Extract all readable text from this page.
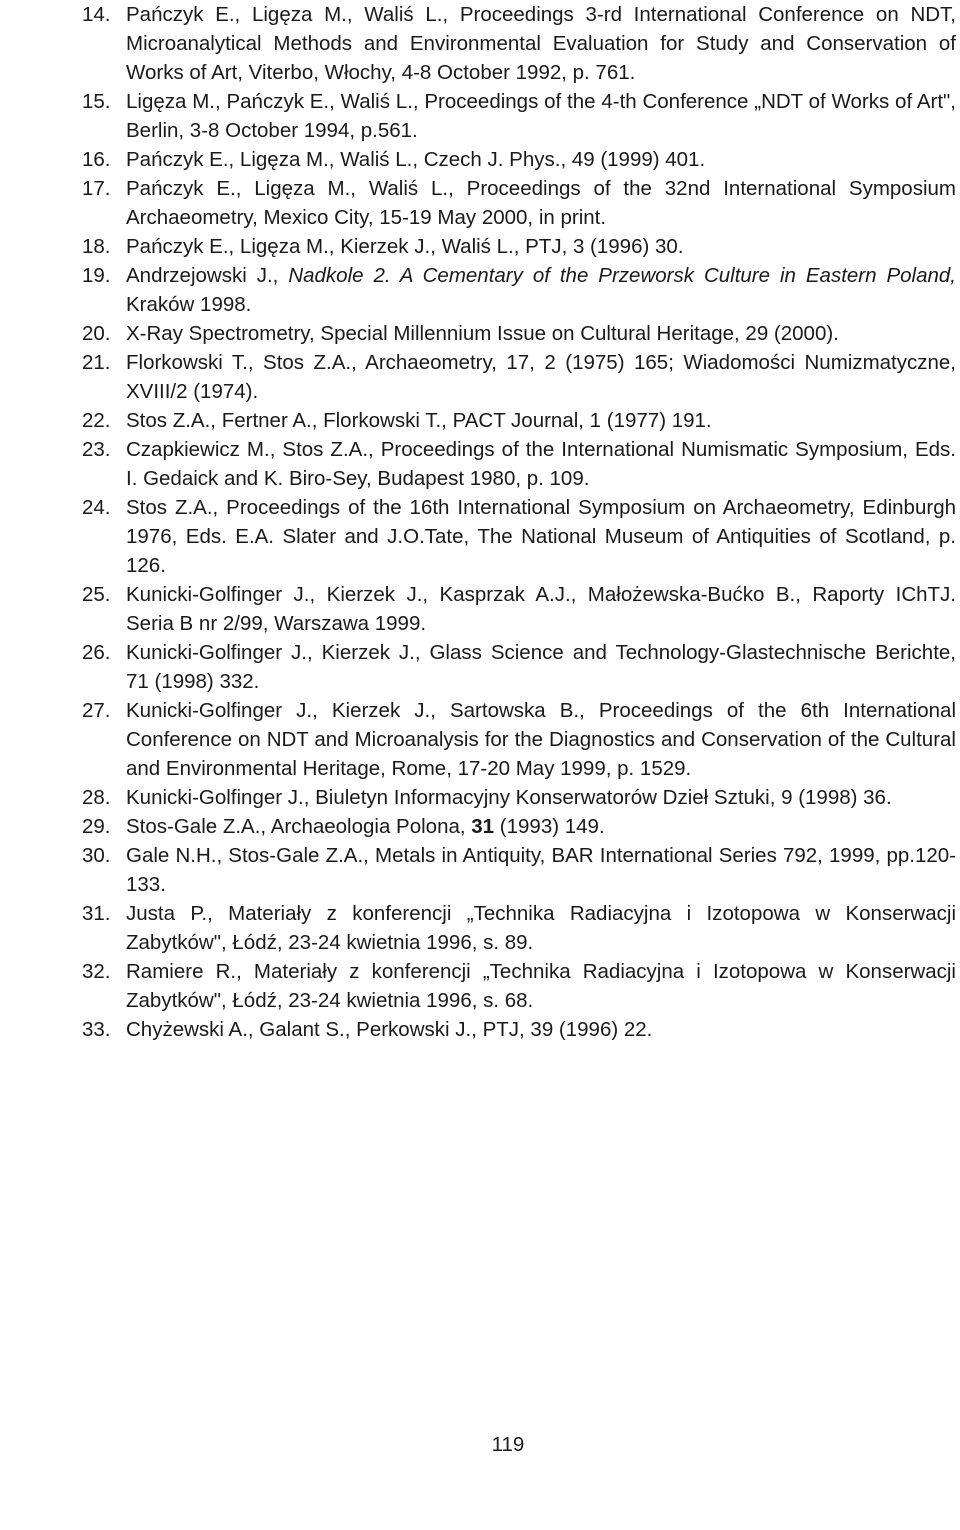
14. Pańczyk E., Ligęza M., Waliś L., Proceedings 3-rd International Conference on NDT, Microanalytical Methods and Environmental Evaluation for Study and Conservation of Works of Art, Viterbo, Włochy, 4-8 October 1992, p. 761.
15. Ligęza M., Pańczyk E., Waliś L., Proceedings of the 4-th Conference „NDT of Works of Art", Berlin, 3-8 October 1994, p.561.
16. Pańczyk E., Ligęza M., Waliś L., Czech J. Phys., 49 (1999) 401.
17. Pańczyk E., Ligęza M., Waliś L., Proceedings of the 32nd International Symposium Archaeometry, Mexico City, 15-19 May 2000, in print.
18. Pańczyk E., Ligęza M., Kierzek J., Waliś L., PTJ, 3 (1996) 30.
19. Andrzejowski J., Nadkole 2. A Cementary of the Przeworsk Culture in Eastern Poland, Kraków 1998.
20. X-Ray Spectrometry, Special Millennium Issue on Cultural Heritage, 29 (2000).
21. Florkowski T., Stos Z.A., Archaeometry, 17, 2 (1975) 165; Wiadomości Numizmatyczne, XVIII/2 (1974).
22. Stos Z.A., Fertner A., Florkowski T., PACT Journal, 1 (1977) 191.
23. Czapkiewicz M., Stos Z.A., Proceedings of the International Numismatic Symposium, Eds. I. Gedaick and K. Biro-Sey, Budapest 1980, p. 109.
24. Stos Z.A., Proceedings of the 16th International Symposium on Archaeometry, Edinburgh 1976, Eds. E.A. Slater and J.O.Tate, The National Museum of Antiquities of Scotland, p. 126.
25. Kunicki-Golfinger J., Kierzek J., Kasprzak A.J., Małożewska-Bućko B., Raporty IChTJ. Seria B nr 2/99, Warszawa 1999.
26. Kunicki-Golfinger J., Kierzek J., Glass Science and Technology-Glastechnische Berichte, 71 (1998) 332.
27. Kunicki-Golfinger J., Kierzek J., Sartowska B., Proceedings of the 6th International Conference on NDT and Microanalysis for the Diagnostics and Conservation of the Cultural and Environmental Heritage, Rome, 17-20 May 1999, p. 1529.
28. Kunicki-Golfinger J., Biuletyn Informacyjny Konserwatorów Dzieł Sztuki, 9 (1998) 36.
29. Stos-Gale Z.A., Archaeologia Polona, 31 (1993) 149.
30. Gale N.H., Stos-Gale Z.A., Metals in Antiquity, BAR International Series 792, 1999, pp.120-133.
31. Justa P., Materiały z konferencji „Technika Radiacyjna i Izotopowa w Konserwacji Zabytków", Łódź, 23-24 kwietnia 1996, s. 89.
32. Ramiere R., Materiały z konferencji „Technika Radiacyjna i Izotopowa w Konserwacji Zabytków", Łódź, 23-24 kwietnia 1996, s. 68.
33. Chyżewski A., Galant S., Perkowski J., PTJ, 39 (1996) 22.
119
